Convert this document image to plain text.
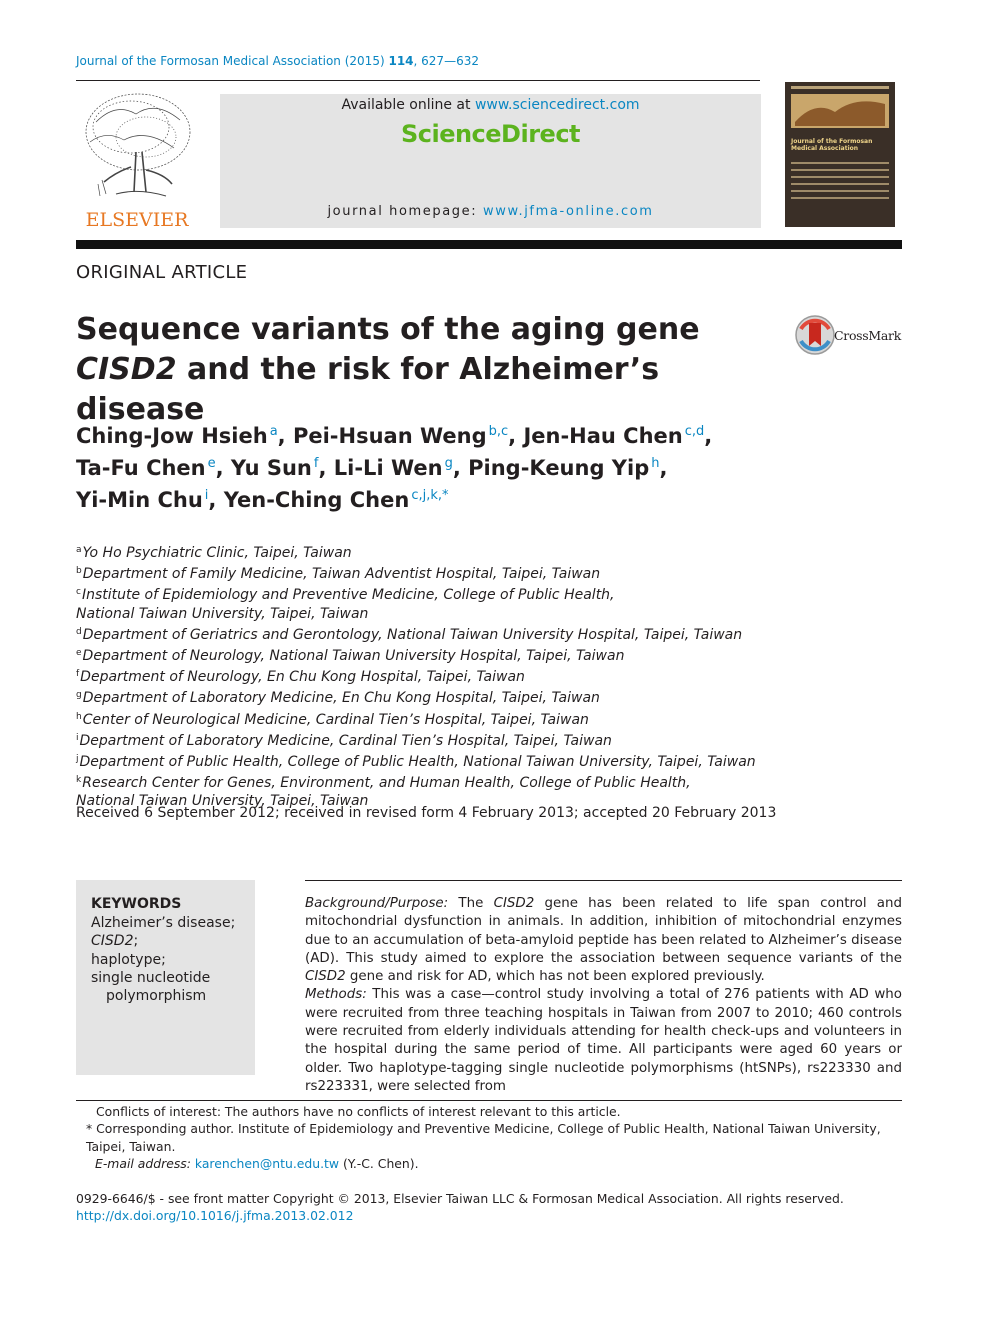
Journal of the Formosan Medical Association (2015) 114, 627—632
ELSEVIER
Available online at www.sciencedirect.com
ScienceDirect
journal homepage: www.jfma-online.com
Journal of the Formosan Medical Association
ORIGINAL ARTICLE
Sequence variants of the aging gene CISD2 and the risk for Alzheimer’s disease
CrossMark
Ching-Jow Hsieh $^a$, Pei-Hsuan Weng $^{b,c}$, Jen-Hau Chen $^{c,d}$,
Ta-Fu Chen $^e$, Yu Sun $^f$, Li-Li Wen $^g$, Ping-Keung Yip $^h$,
Yi-Min Chu $^i$, Yen-Ching Chen $^{c,j,k,*}$
$^a$Yo Ho Psychiatric Clinic, Taipei, Taiwan
$^b$Department of Family Medicine, Taiwan Adventist Hospital, Taipei, Taiwan
$^c$Institute of Epidemiology and Preventive Medicine, College of Public Health,
National Taiwan University, Taipei, Taiwan
$^d$Department of Geriatrics and Gerontology, National Taiwan University Hospital, Taipei, Taiwan
$^e$Department of Neurology, National Taiwan University Hospital, Taipei, Taiwan
$^f$Department of Neurology, En Chu Kong Hospital, Taipei, Taiwan
$^g$Department of Laboratory Medicine, En Chu Kong Hospital, Taipei, Taiwan
$^h$Center of Neurological Medicine, Cardinal Tien’s Hospital, Taipei, Taiwan
$^i$Department of Laboratory Medicine, Cardinal Tien’s Hospital, Taipei, Taiwan
$^j$Department of Public Health, College of Public Health, National Taiwan University, Taipei, Taiwan
$^k$Research Center for Genes, Environment, and Human Health, College of Public Health,
National Taiwan University, Taipei, Taiwan
Received 6 September 2012; received in revised form 4 February 2013; accepted 20 February 2013
KEYWORDS
Alzheimer’s disease;
CISD2;
haplotype;
single nucleotide
polymorphism

Background/Purpose: The CISD2 gene has been related to life span control and mitochondrial dysfunction in animals. In addition, inhibition of mitochondrial enzymes due to an accumulation of beta-amyloid peptide has been related to Alzheimer’s disease (AD). This study aimed to explore the association between sequence variants of the CISD2 gene and risk for AD, which has not been explored previously.

Methods: This was a case—control study involving a total of 276 patients with AD who were recruited from three teaching hospitals in Taiwan from 2007 to 2010; 460 controls were recruited from elderly individuals attending for health check-ups and volunteers in the hospital during the same period of time. All participants were aged 60 years or older. Two haplotype-tagging single nucleotide polymorphisms (htSNPs), rs223330 and rs223331, were selected from

Conflicts of interest: The authors have no conflicts of interest relevant to this article.

* Corresponding author. Institute of Epidemiology and Preventive Medicine, College of Public Health, National Taiwan University, Taipei, Taiwan.

E-mail address: karenchen@ntu.edu.tw (Y.-C. Chen).

0929-6646/$ - see front matter Copyright © 2013, Elsevier Taiwan LLC & Formosan Medical Association. All rights reserved.
http://dx.doi.org/10.1016/j.jfma.2013.02.012
